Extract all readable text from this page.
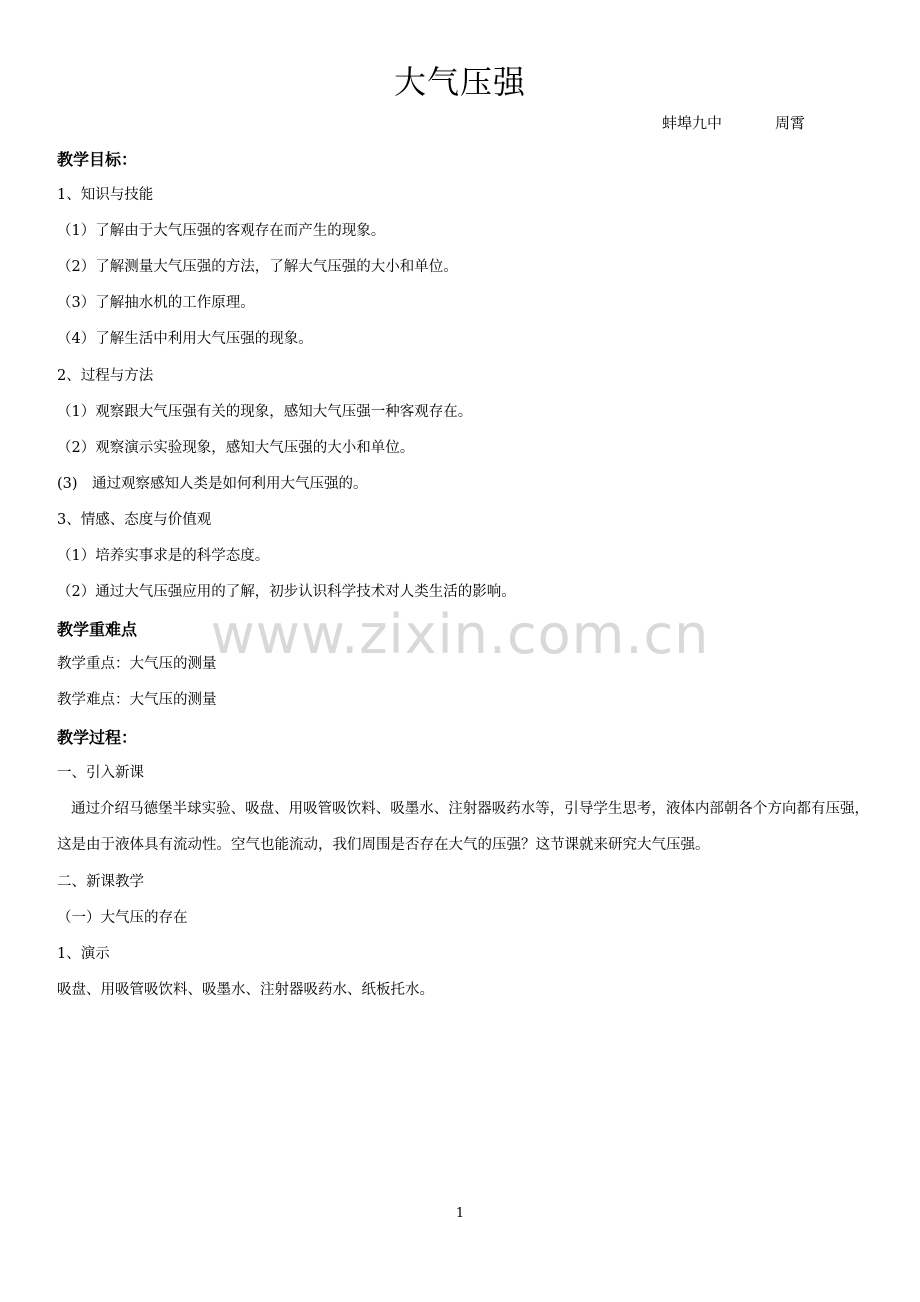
大气压强
蚌埠九中	周霄
教学目标：
1、知识与技能
（1）了解由于大气压强的客观存在而产生的现象。
（2）了解测量大气压强的方法，了解大气压强的大小和单位。
（3）了解抽水机的工作原理。
（4）了解生活中利用大气压强的现象。
2、过程与方法
（1）观察跟大气压强有关的现象，感知大气压强一种客观存在。
（2）观察演示实验现象，感知大气压强的大小和单位。
(3)　通过观察感知人类是如何利用大气压强的。
3、情感、态度与价值观
（1）培养实事求是的科学态度。
（2）通过大气压强应用的了解，初步认识科学技术对人类生活的影响。
www.zixin.com.cn
教学重难点
教学重点：大气压的测量
教学难点：大气压的测量
教学过程：
一、引入新课
通过介绍马德堡半球实验、吸盘、用吸管吸饮料、吸墨水、注射器吸药水等，引导学生思考，液体内部朝各个方向都有压强，这是由于液体具有流动性。空气也能流动，我们周围是否存在大气的压强？这节课就来研究大气压强。
二、新课教学
（一）大气压的存在
1、演示
吸盘、用吸管吸饮料、吸墨水、注射器吸药水、纸板托水。
1
